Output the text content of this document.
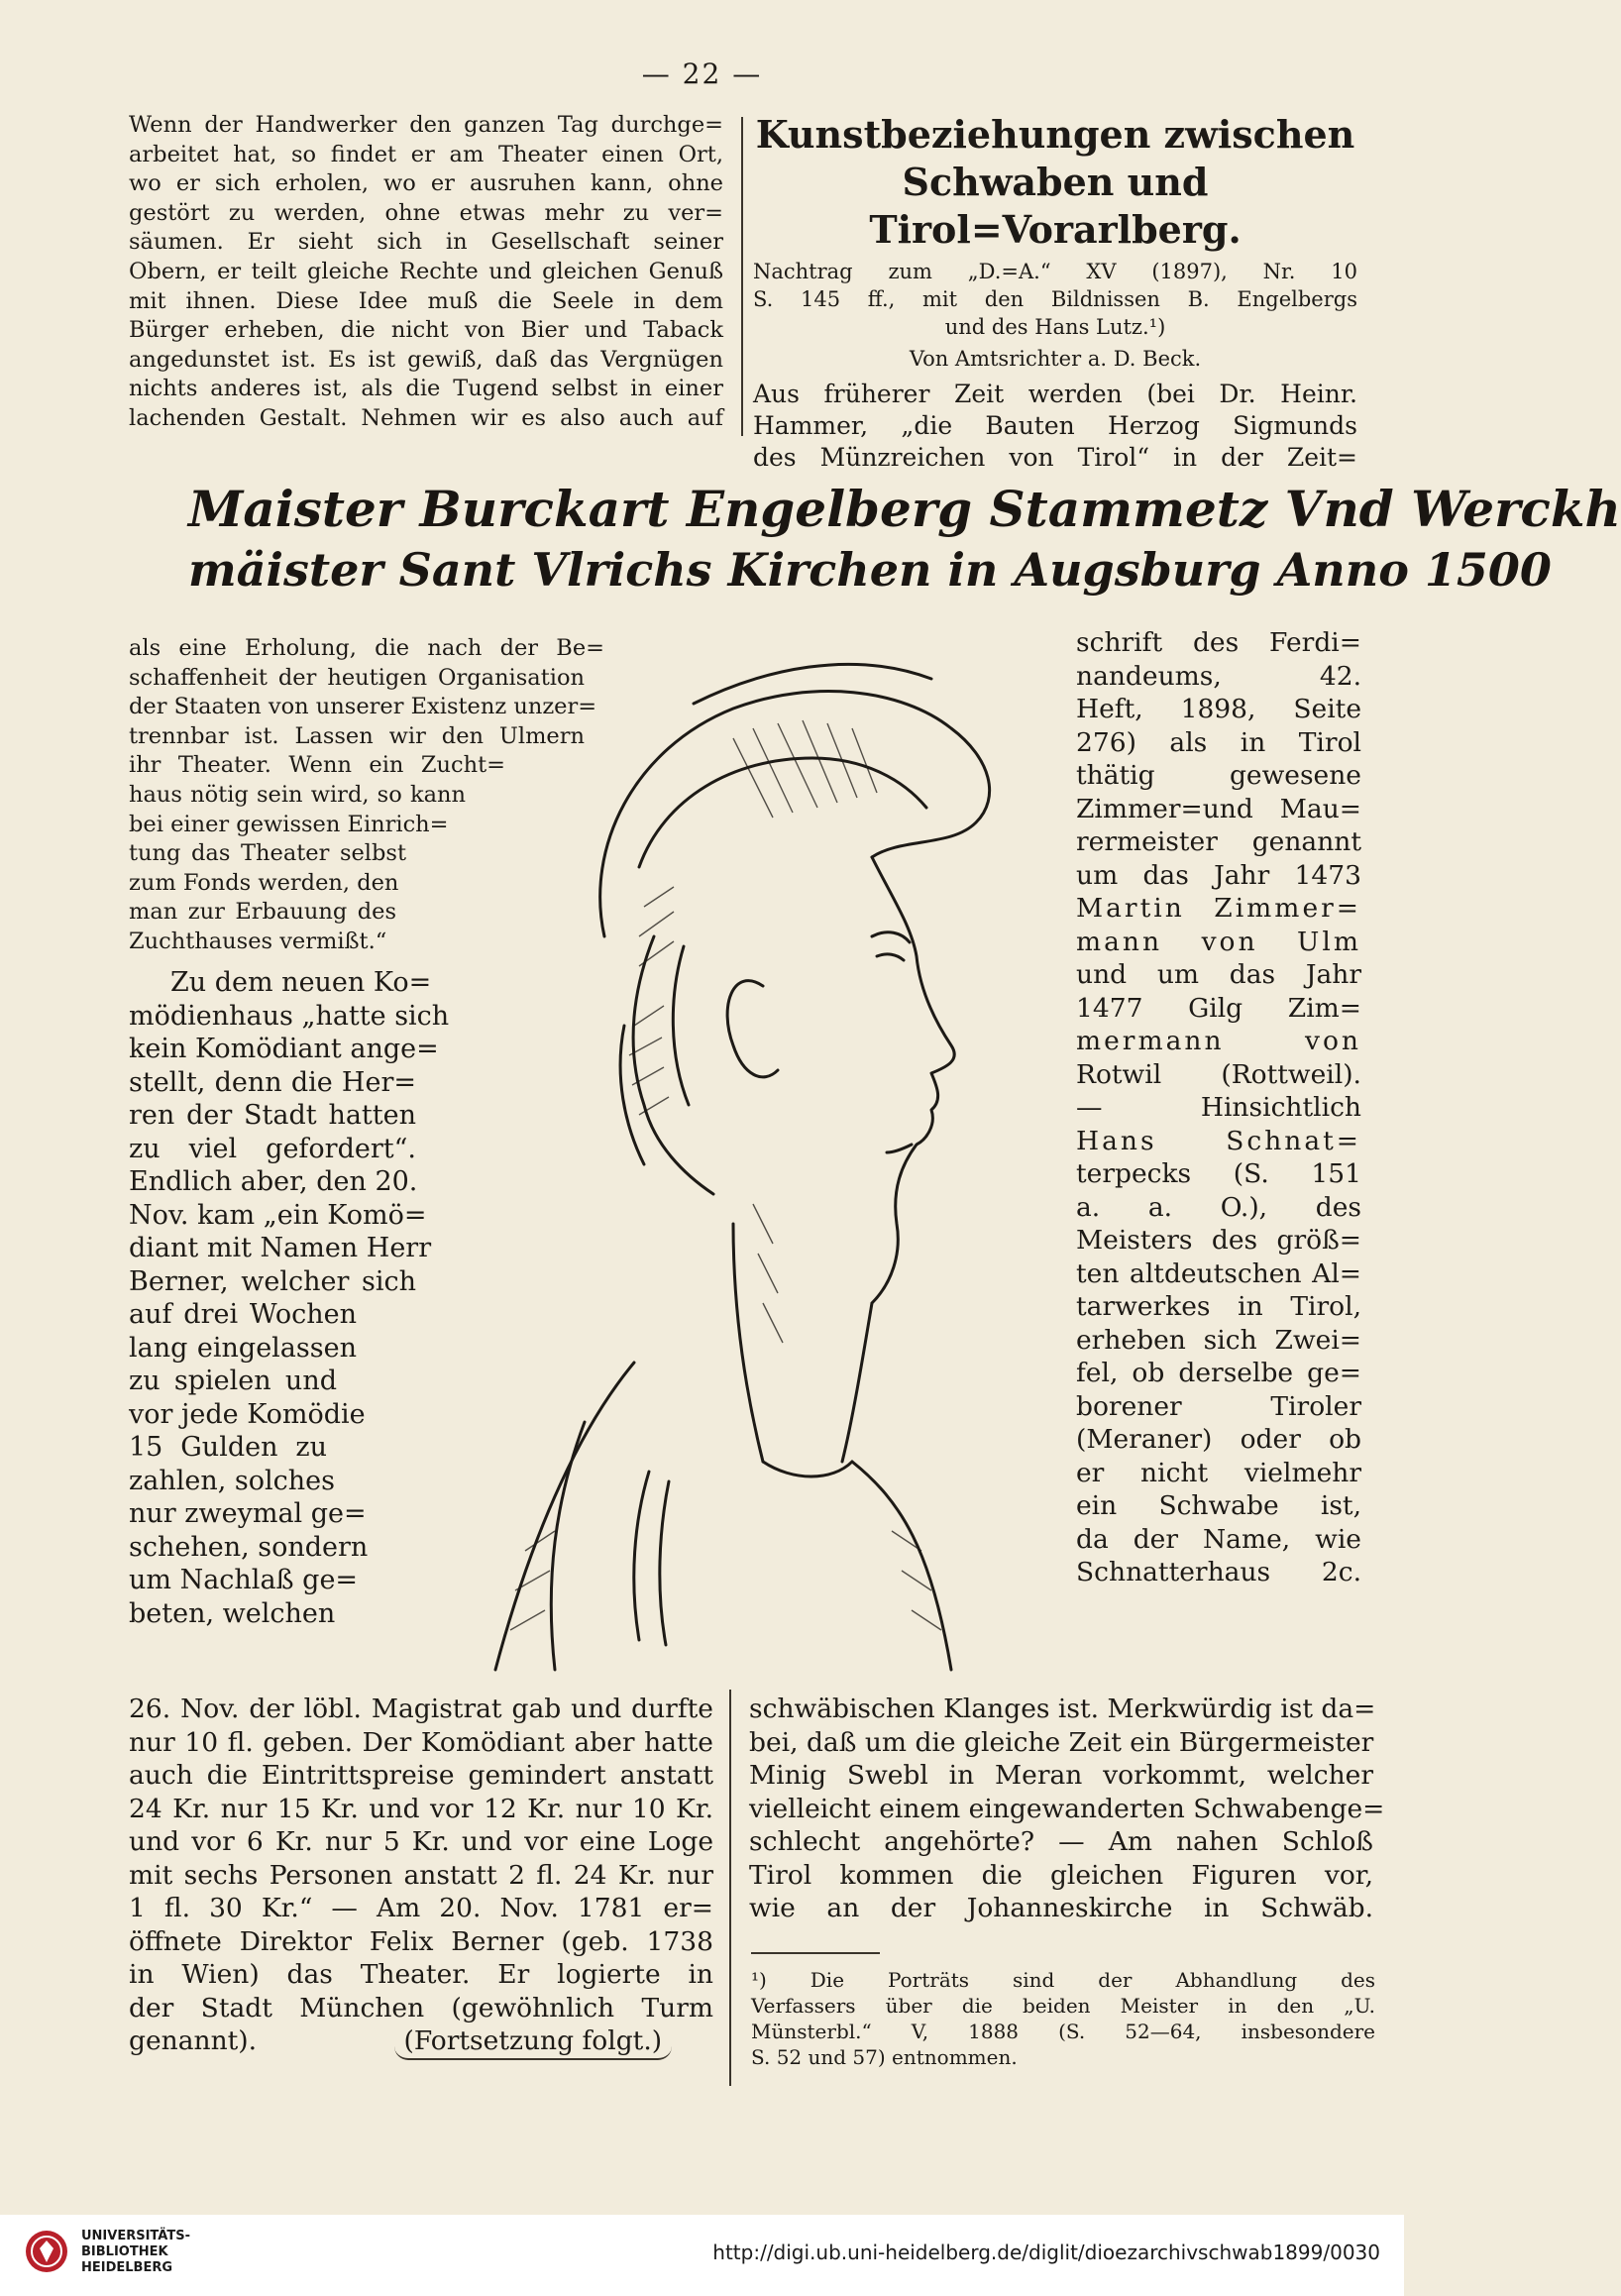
— 22 —
Wenn der Handwerker den ganzen Tag durchge=
arbeitet hat, so findet er am Theater einen Ort,
wo er sich erholen, wo er ausruhen kann, ohne
gestört zu werden, ohne etwas mehr zu ver=
säumen. Er sieht sich in Gesellschaft seiner
Obern, er teilt gleiche Rechte und gleichen Genuß
mit ihnen. Diese Idee muß die Seele in dem
Bürger erheben, die nicht von Bier und Taback
angedunstet ist. Es ist gewiß, daß das Vergnügen
nichts anderes ist, als die Tugend selbst in einer
lachenden Gestalt. Nehmen wir es also auch auf
Kunstbeziehungen zwischen
Schwaben und Tirol=Vorarlberg.
Nachtrag zum „D.=A.“ XV (1897), Nr. 10
S. 145 ff., mit den Bildnissen B. Engelbergs
und des Hans Lutz.¹)
Von Amtsrichter a. D. Beck.
Aus früherer Zeit werden (bei Dr. Heinr.
Hammer, „die Bauten Herzog Sigmunds
des Münzreichen von Tirol“ in der Zeit=
Maister Burckart Engelberg Stammetz Vnd Werckh
mäister Sant Vlrichs Kirchen in Augsburg Anno 1500
als eine Erholung, die nach der Be=
schaffenheit der heutigen Organisation
der Staaten von unserer Existenz unzer=
trennbar ist. Lassen wir den Ulmern
ihr Theater. Wenn ein Zucht=
haus nötig sein wird, so kann
bei einer gewissen Einrich=
tung das Theater selbst
zum Fonds werden, den
man zur Erbauung des
Zuchthauses vermißt.“
Zu dem neuen Ko=
mödienhaus „hatte sich
kein Komödiant ange=
stellt, denn die Her=
ren der Stadt hatten
zu viel gefordert“.
Endlich aber, den 20.
Nov. kam „ein Komö=
diant mit Namen Herr
Berner, welcher sich
auf drei Wochen
lang eingelassen
zu spielen und
vor jede Komödie
15 Gulden zu
zahlen, solches
nur zweymal ge=
schehen, sondern
um Nachlaß ge=
beten, welchen
schrift des Ferdi=
nandeums, 42.
Heft, 1898, Seite
276) als in Tirol
thätig gewesene
Zimmer=und Mau=
rermeister genannt
um das Jahr 1473
Martin Zimmer=
mann von Ulm
und um das Jahr
1477 Gilg Zim=
mermann von
Rotwil (Rottweil).
— Hinsichtlich
Hans Schnat=
terpecks (S. 151
a. a. O.), des
Meisters des größ=
ten altdeutschen Al=
tarwerkes in Tirol,
erheben sich Zwei=
fel, ob derselbe ge=
borener Tiroler
(Meraner) oder ob
er nicht vielmehr
ein Schwabe ist,
da der Name, wie
Schnatterhaus 2c.
26. Nov. der löbl. Magistrat gab und durfte
nur 10 fl. geben. Der Komödiant aber hatte
auch die Eintrittspreise gemindert anstatt
24 Kr. nur 15 Kr. und vor 12 Kr. nur 10 Kr.
und vor 6 Kr. nur 5 Kr. und vor eine Loge
mit sechs Personen anstatt 2 fl. 24 Kr. nur
1 fl. 30 Kr.“ — Am 20. Nov. 1781 er=
öffnete Direktor Felix Berner (geb. 1738
in Wien) das Theater. Er logierte in
der Stadt München (gewöhnlich Turm
genannt).	(Fortsetzung folgt.)
schwäbischen Klanges ist. Merkwürdig ist da=
bei, daß um die gleiche Zeit ein Bürgermeister
Minig Swebl in Meran vorkommt, welcher
vielleicht einem eingewanderten Schwabenge=
schlecht angehörte? — Am nahen Schloß
Tirol kommen die gleichen Figuren vor,
wie an der Johanneskirche in Schwäb.
¹) Die Porträts sind der Abhandlung des
Verfassers über die beiden Meister in den „U.
Münsterbl.“ V, 1888 (S. 52—64, insbesondere
S. 52 und 57) entnommen.
UNIVERSITÄTS-
BIBLIOTHEK
HEIDELBERG
http://digi.ub.uni-heidelberg.de/diglit/dioezarchivschwab1899/0030
